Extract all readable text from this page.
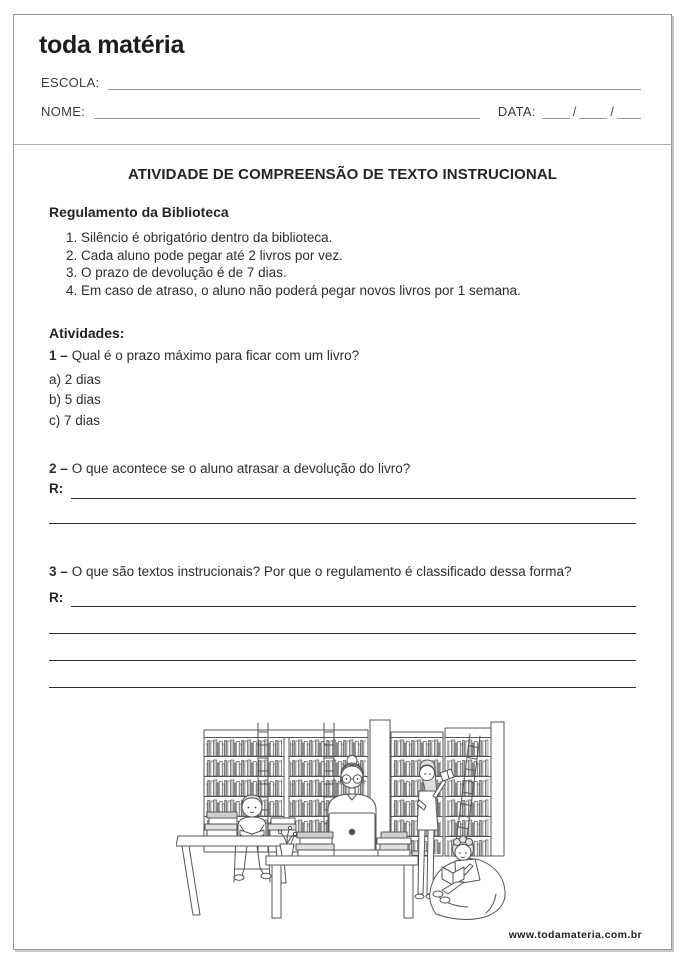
toda matéria
ESCOLA:
NOME:	DATA:	/	/
ATIVIDADE DE COMPREENSÃO DE TEXTO INSTRUCIONAL
Regulamento da Biblioteca
1. Silêncio é obrigatório dentro da biblioteca.
2. Cada aluno pode pegar até 2 livros por vez.
3. O prazo de devolução é de 7 dias.
4. Em caso de atraso, o aluno não poderá pegar novos livros por 1 semana.
Atividades:
1 – Qual é o prazo máximo para ficar com um livro?
a) 2 dias
b) 5 dias
c) 7 dias
2 – O que acontece se o aluno atrasar a devolução do livro?
R:
3 – O que são textos instrucionais? Por que o regulamento é classificado dessa forma?
R:
www.todamateria.com.br
